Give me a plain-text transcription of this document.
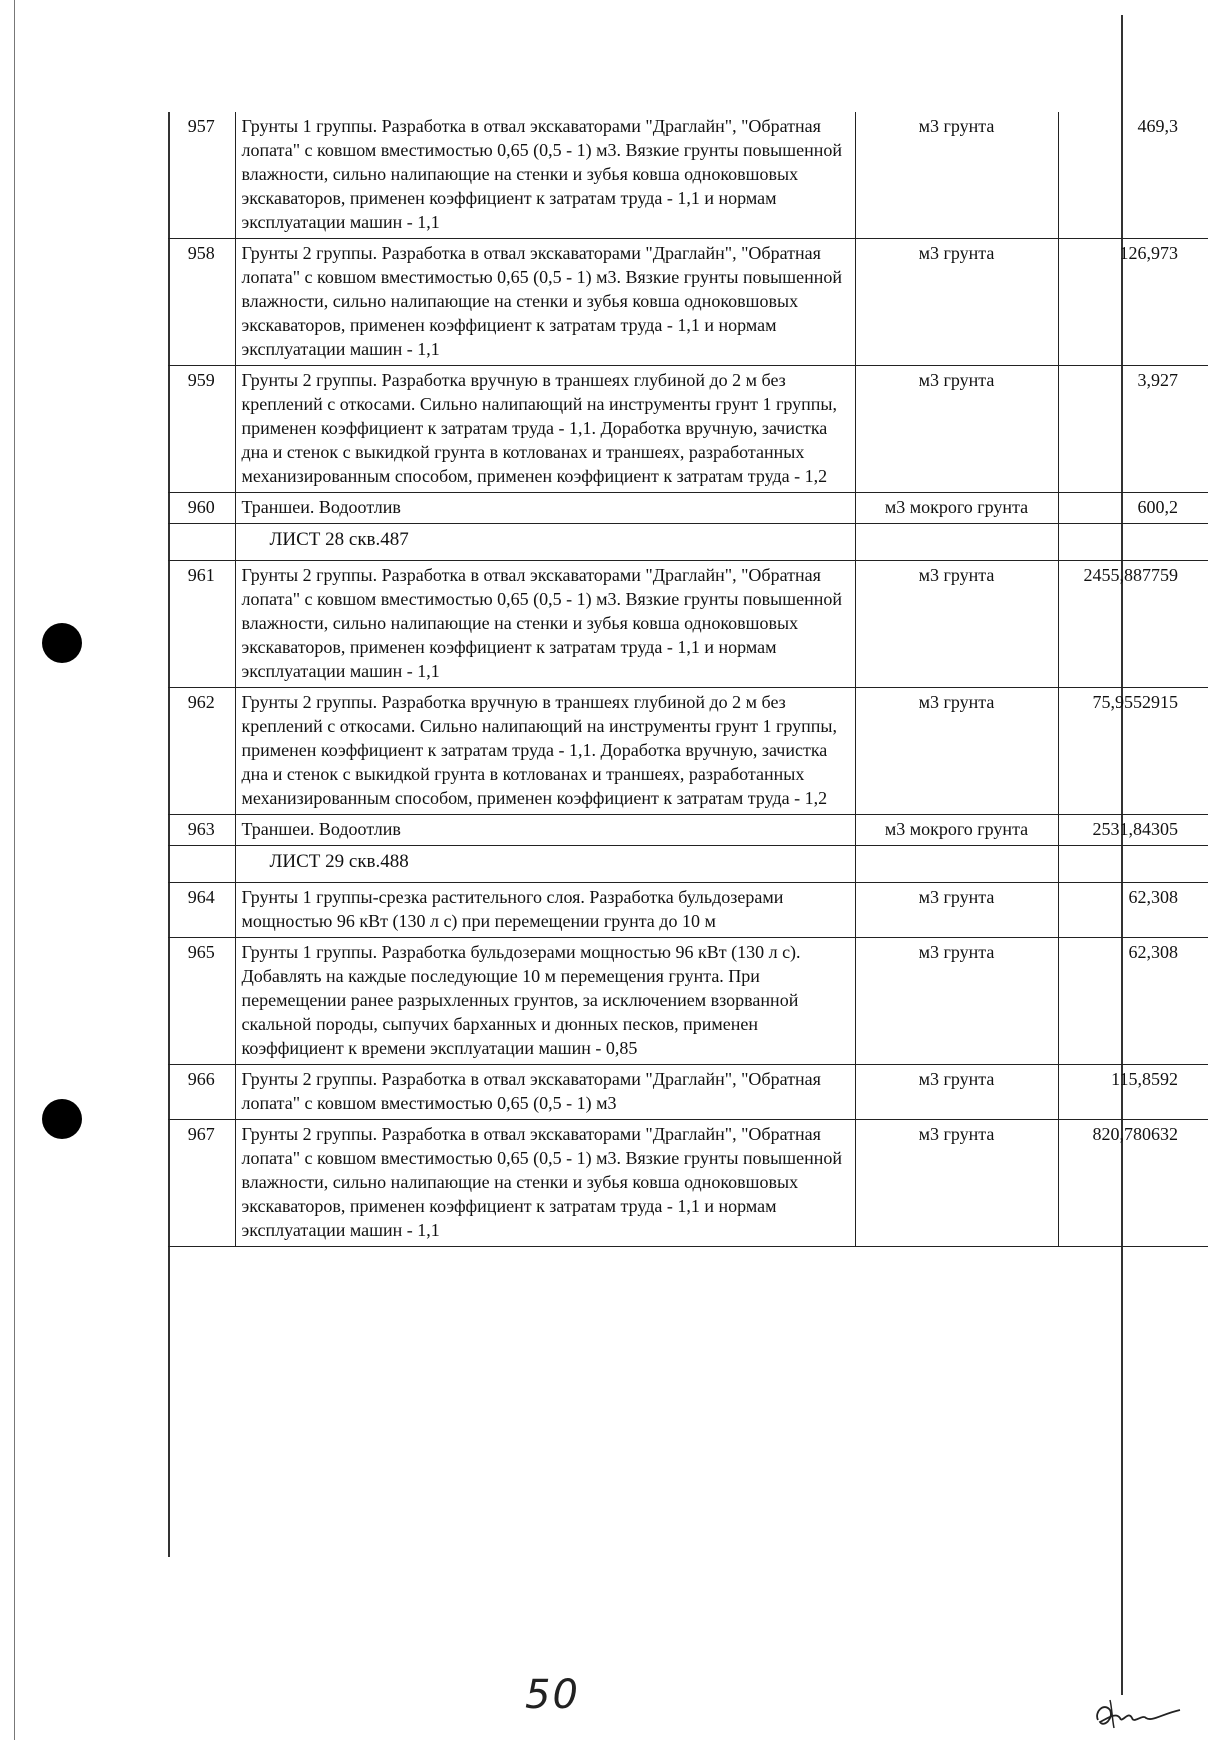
957	Грунты 1 группы. Разработка в отвал экскаваторами "Драглайн", "Обратная лопата" с ковшом вместимостью 0,65 (0,5 - 1) м3. Вязкие грунты повышенной влажности, сильно налипающие на стенки и зубья ковша одноковшовых экскаваторов, применен коэффициент к затратам труда - 1,1 и нормам эксплуатации машин - 1,1	м3 грунта	469,3
958	Грунты 2 группы. Разработка в отвал экскаваторами "Драглайн", "Обратная лопата" с ковшом вместимостью 0,65 (0,5 - 1) м3. Вязкие грунты повышенной влажности, сильно налипающие на стенки и зубья ковша одноковшовых экскаваторов, применен коэффициент к затратам труда - 1,1 и нормам эксплуатации машин - 1,1	м3 грунта	126,973
959	Грунты 2 группы. Разработка вручную в траншеях глубиной до 2 м без креплений с откосами. Сильно налипающий на инструменты грунт 1 группы, применен коэффициент к затратам труда - 1,1. Доработка вручную, зачистка дна и стенок с выкидкой грунта в котлованах и траншеях, разработанных механизированным способом, применен коэффициент к затратам труда - 1,2	м3 грунта	3,927
960	Траншеи. Водоотлив	м3 мокрого грунта	600,2
	ЛИСТ 28 скв.487		
961	Грунты 2 группы. Разработка в отвал экскаваторами "Драглайн", "Обратная лопата" с ковшом вместимостью 0,65 (0,5 - 1) м3. Вязкие грунты повышенной влажности, сильно налипающие на стенки и зубья ковша одноковшовых экскаваторов, применен коэффициент к затратам труда - 1,1 и нормам эксплуатации машин - 1,1	м3 грунта	2455,887759
962	Грунты 2 группы. Разработка вручную в траншеях глубиной до 2 м без креплений с откосами. Сильно налипающий на инструменты грунт 1 группы, применен коэффициент к затратам труда - 1,1. Доработка вручную, зачистка дна и стенок с выкидкой грунта в котлованах и траншеях, разработанных механизированным способом, применен коэффициент к затратам труда - 1,2	м3 грунта	75,9552915
963	Траншеи. Водоотлив	м3 мокрого грунта	2531,84305
	ЛИСТ 29 скв.488		
964	Грунты 1 группы-срезка растительного слоя. Разработка бульдозерами мощностью 96 кВт (130 л с) при перемещении грунта до 10 м	м3 грунта	62,308
965	Грунты 1 группы. Разработка бульдозерами мощностью 96 кВт (130 л с). Добавлять на каждые последующие 10 м перемещения грунта. При перемещении ранее разрыхленных грунтов, за исключением взорванной скальной породы, сыпучих барханных и дюнных песков, применен коэффициент к времени эксплуатации машин - 0,85	м3 грунта	62,308
966	Грунты 2 группы. Разработка в отвал экскаваторами "Драглайн", "Обратная лопата" с ковшом вместимостью 0,65 (0,5 - 1) м3	м3 грунта	115,8592
967	Грунты 2 группы. Разработка в отвал экскаваторами "Драглайн", "Обратная лопата" с ковшом вместимостью 0,65 (0,5 - 1) м3. Вязкие грунты повышенной влажности, сильно налипающие на стенки и зубья ковша одноковшовых экскаваторов, применен коэффициент к затратам труда - 1,1 и нормам эксплуатации машин - 1,1	м3 грунта	820,780632
50
